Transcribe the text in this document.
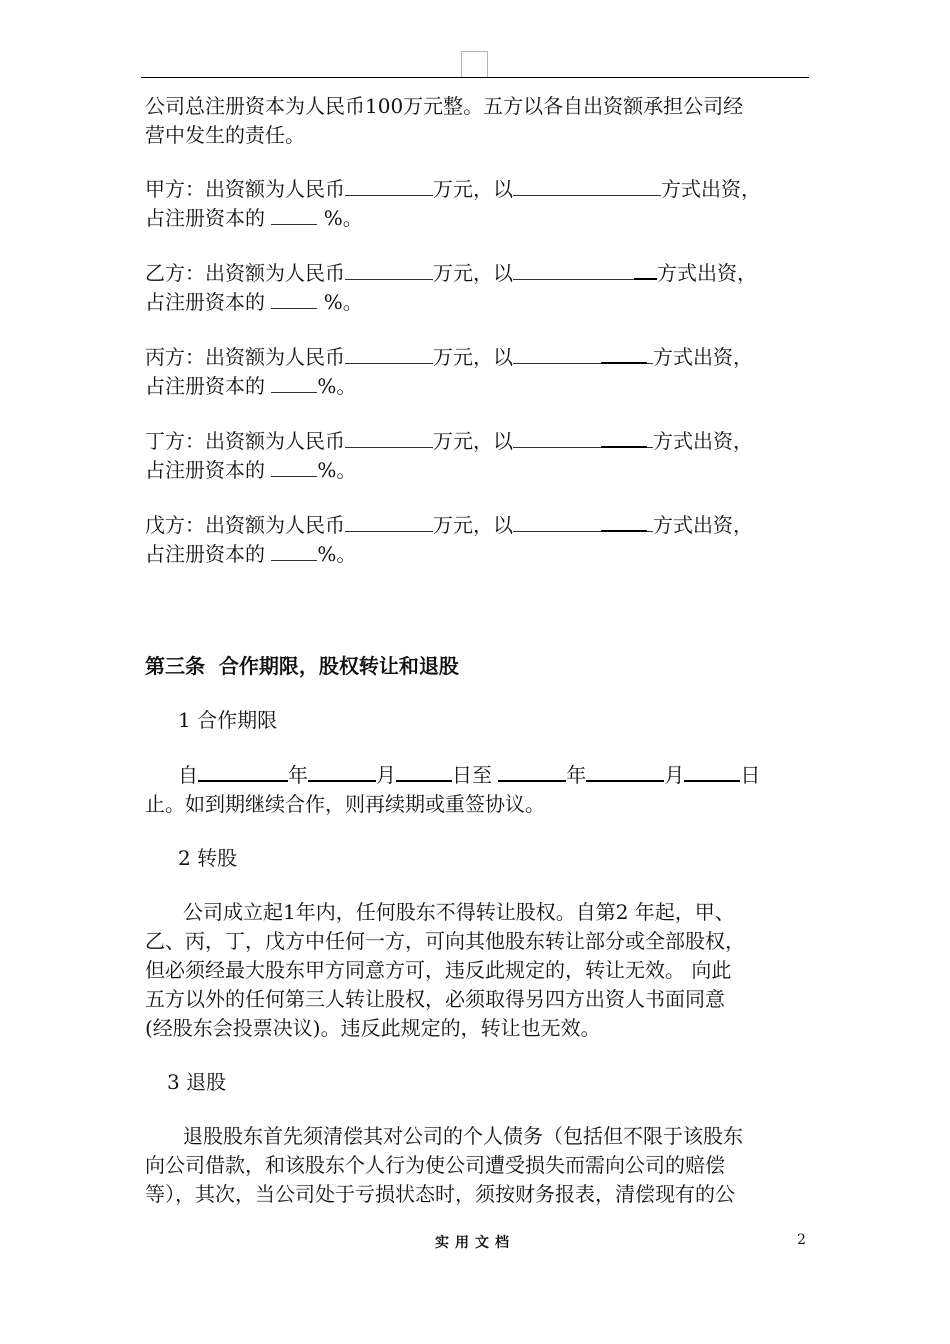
公司总注册资本为人民币100万元整。五方以各自出资额承担公司经

营中发生的责任。

甲方：出资额为人民币	万元，以	方式出资，

占注册资本的	%。

乙方：出资额为人民币	万元，以	方式出资，

占注册资本的	%。

丙方：出资额为人民币	万元，以	方式出资，

占注册资本的	%。

丁方：出资额为人民币	万元，以	方式出资，

占注册资本的	%。

戊方：出资额为人民币	万元，以	方式出资，

占注册资本的	%。

第三条  合作期限，股权转让和退股

1 合作期限

自	年	月	日至	年	月	日

止。如到期继续合作，则再续期或重签协议。

2 转股

公司成立起1年内，任何股东不得转让股权。自第2 年起，甲、

乙、丙，丁，戊方中任何一方，可向其他股东转让部分或全部股权，

但必须经最大股东甲方同意方可，违反此规定的，转让无效。 向此

五方以外的任何第三人转让股权，必须取得另四方出资人书面同意

(经股东会投票决议)。违反此规定的，转让也无效。

3 退股

退股股东首先须清偿其对公司的个人债务（包括但不限于该股东

向公司借款，和该股东个人行为使公司遭受损失而需向公司的赔偿

等），其次，当公司处于亏损状态时，须按财务报表，清偿现有的公

实用文档	2
